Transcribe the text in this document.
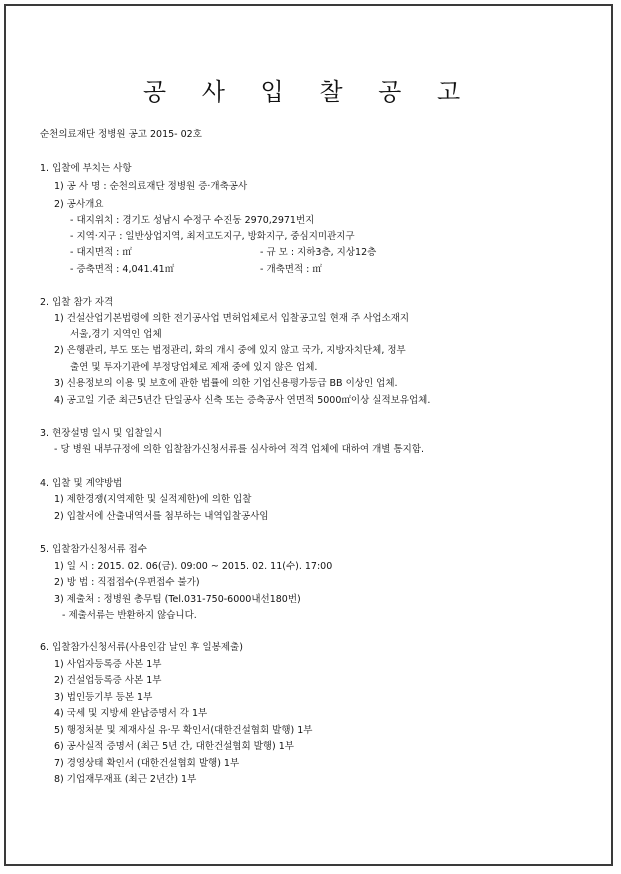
공 사 입 찰 공 고
순천의료재단 정병원 공고 2015- 02호
1. 입찰에 부치는 사항
1) 공 사 명 : 순천의료재단 정병원 증·개축공사
2) 공사개요
- 대지위치 : 경기도 성남시 수정구 수진동 2970,2971번지
- 지역·지구 : 일반상업지역, 최저고도지구, 방화지구, 중심지미관지구
- 대지면적 : ㎡	- 규 모 : 지하3층, 지상12층
- 증축면적 : 4,041.41㎡	- 개축면적 : ㎡
2. 입찰 참가 자격
1) 건설산업기본법령에 의한 전기공사업 면허업체로서 입찰공고일 현재 주 사업소재지
서울,경기 지역인 업체
2) 은행관리, 부도 또는 법정관리, 화의 개시 중에 있지 않고 국가, 지방자치단체, 정부
출연 및 투자기관에 부정당업체로 제재 중에 있지 않은 업체.
3) 신용정보의 이용 및 보호에 관한 법률에 의한 기업신용평가등급 BB 이상인 업체.
4) 공고일 기준 최근5년간 단일공사 신축 또는 증축공사 연면적 5000㎡이상 실적보유업체.
3. 현장설명 일시 및 입찰일시
- 당 병원 내부규정에 의한 입찰참가신청서류를 심사하여 적격 업체에 대하여 개별 통지함.
4. 입찰 및 계약방법
1) 제한경쟁(지역제한 및 실적제한)에 의한 입찰
2) 입찰서에 산출내역서를 첨부하는 내역입찰공사임
5. 입찰참가신청서류 접수
1) 일 시 : 2015. 02. 06(금). 09:00 ~ 2015. 02. 11(수). 17:00
2) 방 법 : 직접접수(우편접수 불가)
3) 제출처 : 정병원 총무팀 (Tel.031-750-6000내선180번)
- 제출서류는 반환하지 않습니다.
6. 입찰참가신청서류(사용인감 날인 후 일봉제출)
1) 사업자등록증 사본 1부
2) 건설업등록증 사본 1부
3) 법인등기부 등본 1부
4) 국세 및 지방세 완납증명서 각 1부
5) 행정처분 및 제재사실 유·무 확인서(대한건설협회 발행) 1부
6) 공사실적 증명서 (최근 5년 간, 대한건설협회 발행) 1부
7) 경영상태 확인서 (대한건설협회 발행) 1부
8) 기업재무재표 (최근 2년간) 1부
